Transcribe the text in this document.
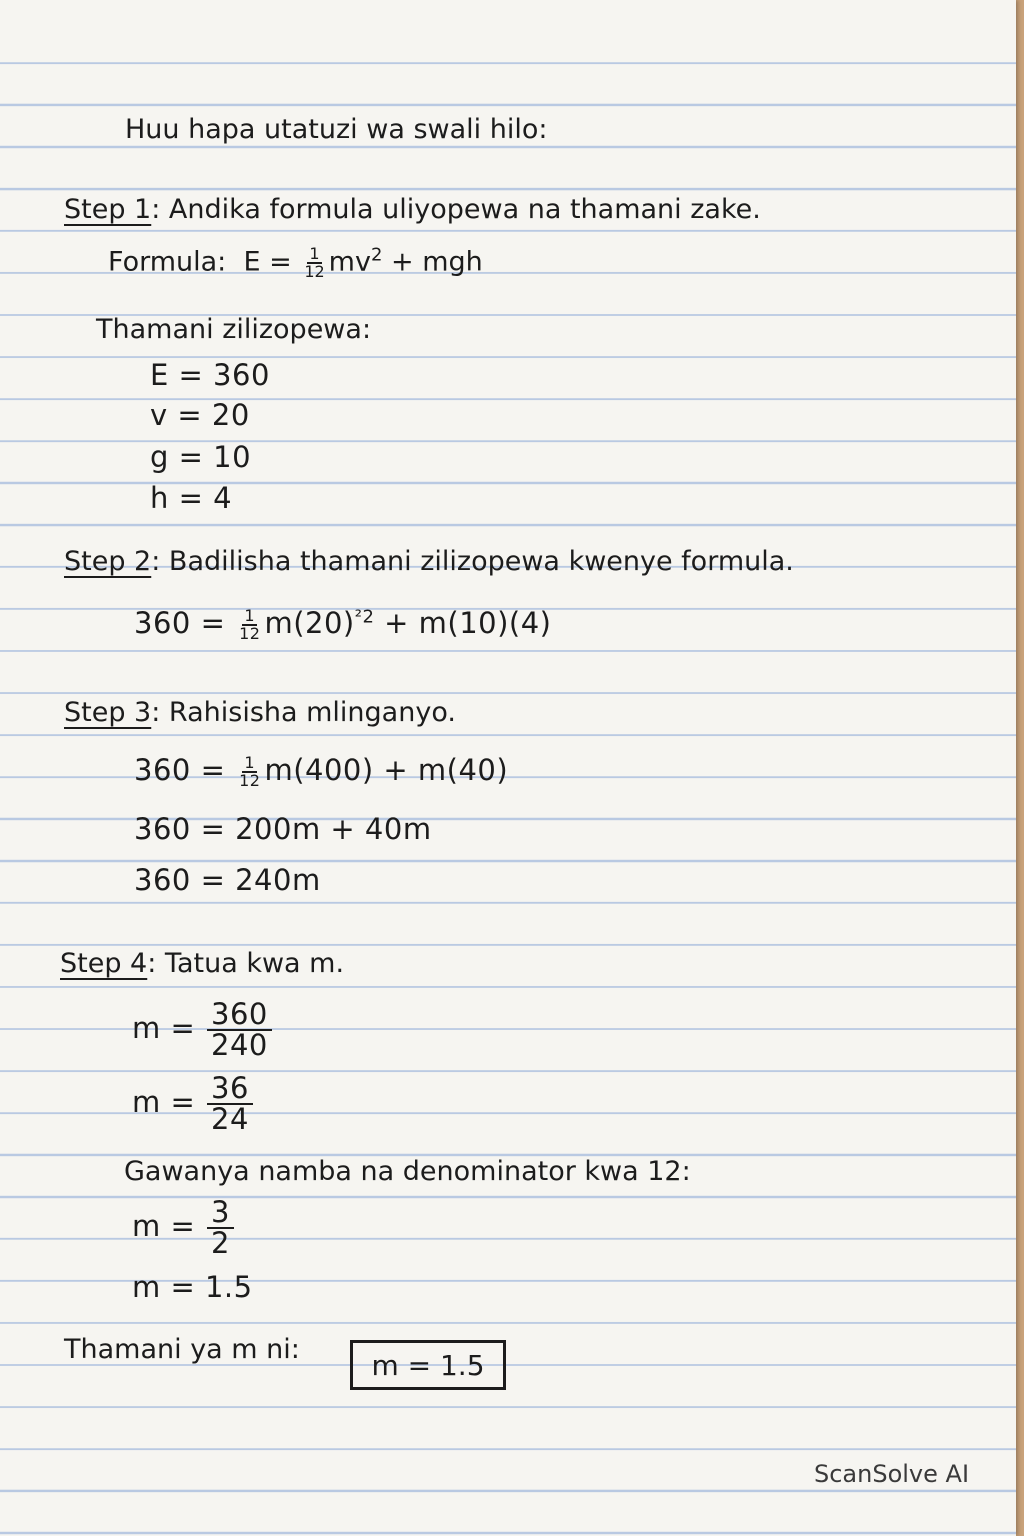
Huu hapa utatuzi wa swali hilo:
Step 1: Andika formula uliyopewa na thamani zake.
Formula: $E = \frac{1}{12} mv^2$ + mgh
Thamani zilizopewa:
E = 360
v = 20
g = 10
h = 4
Step 2: Badilisha thamani zilizopewa kwenye formula.
$360 = \frac{1}{12} m(20)^{^22} + m(10)(4)$
Step 3: Rahisisha mlinganyo.
$360 = \frac{1}{12} m(400) + m(40)$
360 = 200m + 40m
360 = 240m
Step 4: Tatua kwa m.
$m = \frac{360}{240}$
$m = \frac{36}{24}$
Gawanya namba na denominator kwa 12:
$m = \frac{3}{2}$
m = 1.5
Thamani ya m ni:	m = 1.5
ScanSolve AI
